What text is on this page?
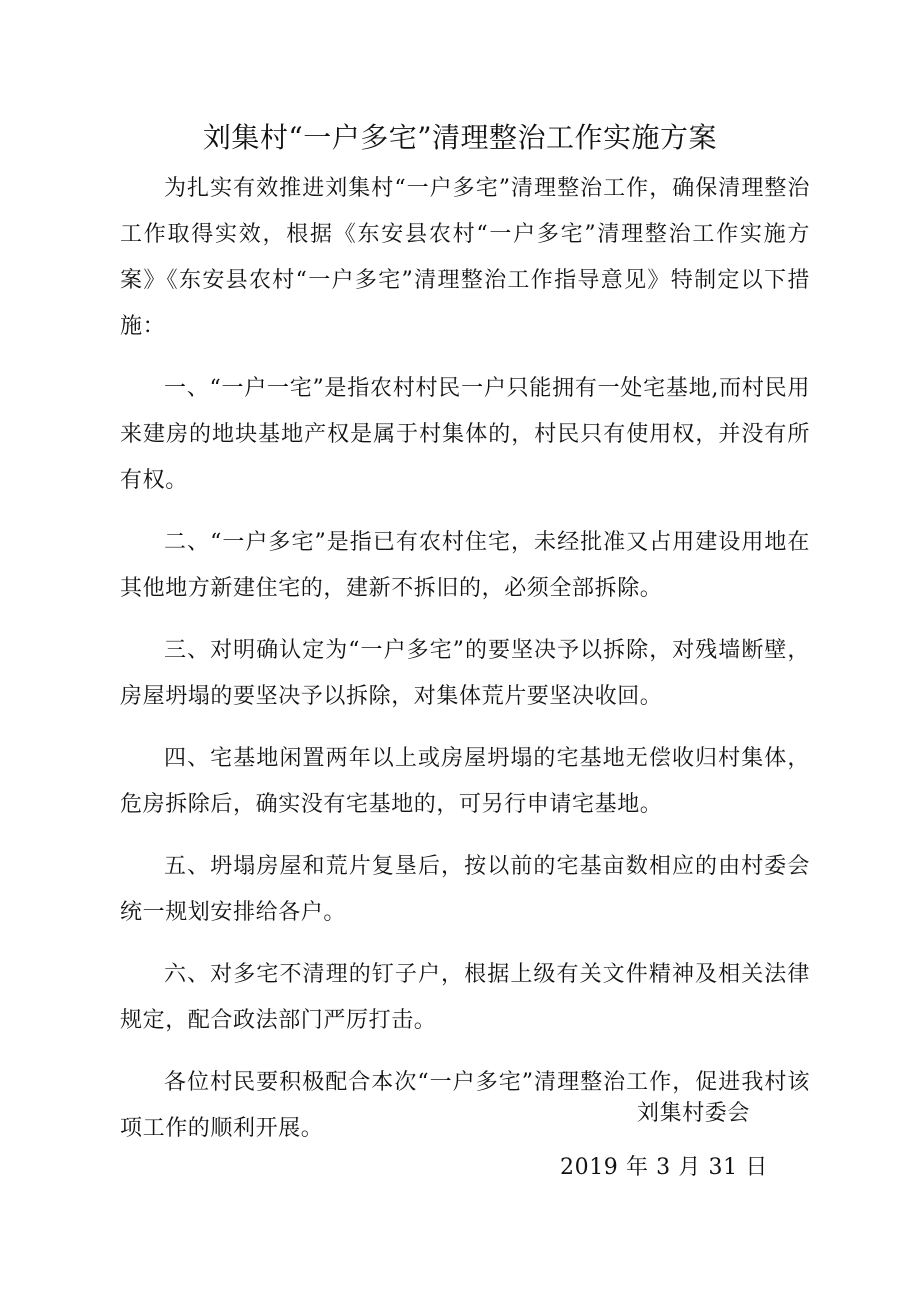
刘集村“一户多宅”清理整治工作实施方案

为扎实有效推进刘集村“一户多宅”清理整治工作，确保清理整治工作取得实效，根据《东安县农村“一户多宅”清理整治工作实施方案》《东安县农村“一户多宅”清理整治工作指导意见》特制定以下措施：

一、“一户一宅”是指农村村民一户只能拥有一处宅基地,而村民用来建房的地块基地产权是属于村集体的，村民只有使用权，并没有所有权。

二、“一户多宅”是指已有农村住宅，未经批准又占用建设用地在其他地方新建住宅的，建新不拆旧的，必须全部拆除。

三、对明确认定为“一户多宅”的要坚决予以拆除，对残墙断壁，房屋坍塌的要坚决予以拆除，对集体荒片要坚决收回。

四、宅基地闲置两年以上或房屋坍塌的宅基地无偿收归村集体，危房拆除后，确实没有宅基地的，可另行申请宅基地。

五、坍塌房屋和荒片复垦后，按以前的宅基亩数相应的由村委会统一规划安排给各户。

六、对多宅不清理的钉子户，根据上级有关文件精神及相关法律规定，配合政法部门严厉打击。

各位村民要积极配合本次“一户多宅”清理整治工作，促进我村该项工作的顺利开展。

刘集村委会
2019 年 3 月 31 日
